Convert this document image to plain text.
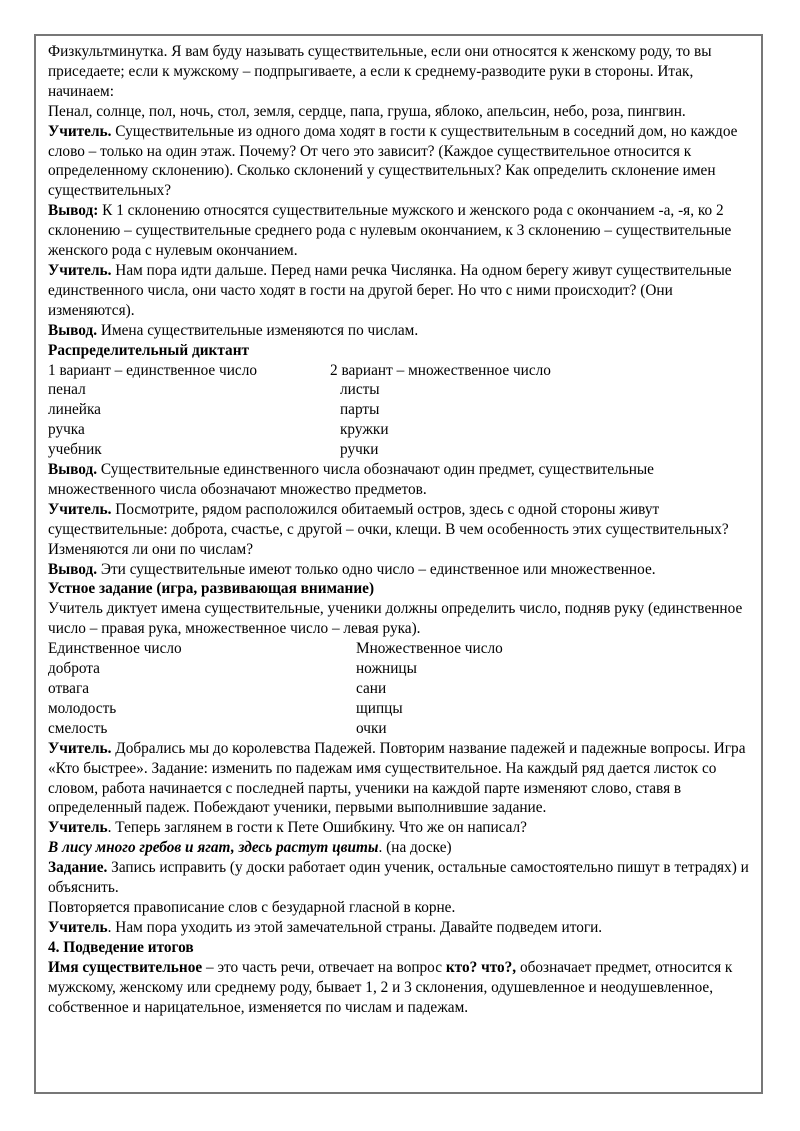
Физкультминутка. Я вам буду называть существительные, если они относятся к женскому роду, то вы приседаете; если к мужскому – подпрыгиваете, а если к среднему-разводите руки в стороны. Итак, начинаем:

Пенал, солнце, пол, ночь, стол, земля, сердце, папа, груша, яблоко, апельсин, небо, роза, пингвин.

Учитель. Существительные из одного дома ходят в гости к существительным в соседний дом, но каждое слово – только на один этаж. Почему? От чего это зависит? (Каждое существительное относится к определенному склонению). Сколько склонений у существительных? Как определить склонение имен существительных?

Вывод: К 1 склонению относятся существительные мужского и женского рода с окончанием -а, -я, ко 2 склонению – существительные среднего рода с нулевым окончанием, к 3 склонению – существительные женского рода с нулевым окончанием.

Учитель. Нам пора идти дальше. Перед нами речка Числянка. На одном берегу живут существительные единственного числа, они часто ходят в гости на другой берег. Но что с ними происходит? (Они изменяются).

Вывод. Имена существительные изменяются по числам.

Распределительный диктант

1 вариант – единственное число	2 вариант – множественное число
пенал	листы
линейка	парты
ручка	кружки
учебник	ручки

Вывод. Существительные единственного числа обозначают один предмет, существительные множественного числа обозначают множество предметов.

Учитель. Посмотрите, рядом расположился обитаемый остров, здесь с одной стороны живут существительные: доброта, счастье, с другой – очки, клещи. В чем особенность этих существительных? Изменяются ли они по числам?

Вывод. Эти существительные имеют только одно число – единственное или множественное.

Устное задание (игра, развивающая внимание)

Учитель диктует имена существительные, ученики должны определить число, подняв руку (единственное число – правая рука, множественное число – левая рука).

Единственное число	Множественное число
доброта	ножницы
отвага	сани
молодость	щипцы
смелость	очки

Учитель. Добрались мы до королевства Падежей. Повторим название падежей и падежные вопросы. Игра «Кто быстрее». Задание: изменить по падежам имя существительное. На каждый ряд дается листок со словом, работа начинается с последней парты, ученики на каждой парте изменяют слово, ставя в определенный падеж. Побеждают ученики, первыми выполнившие задание.

Учитель. Теперь заглянем в гости к Пете Ошибкину. Что же он написал?

В лису много гребов и ягат, здесь растут цвиты. (на доске)

Задание. Запись исправить (у доски работает один ученик, остальные самостоятельно пишут в тетрадях) и объяснить.

Повторяется правописание слов с безударной гласной в корне.

Учитель. Нам пора уходить из этой замечательной страны. Давайте подведем итоги.

4. Подведение итогов

Имя существительное – это часть речи, отвечает на вопрос кто? что?, обозначает предмет, относится к мужскому, женскому или среднему роду, бывает 1, 2 и 3 склонения, одушевленное и неодушевленное, собственное и нарицательное, изменяется по числам и падежам.
